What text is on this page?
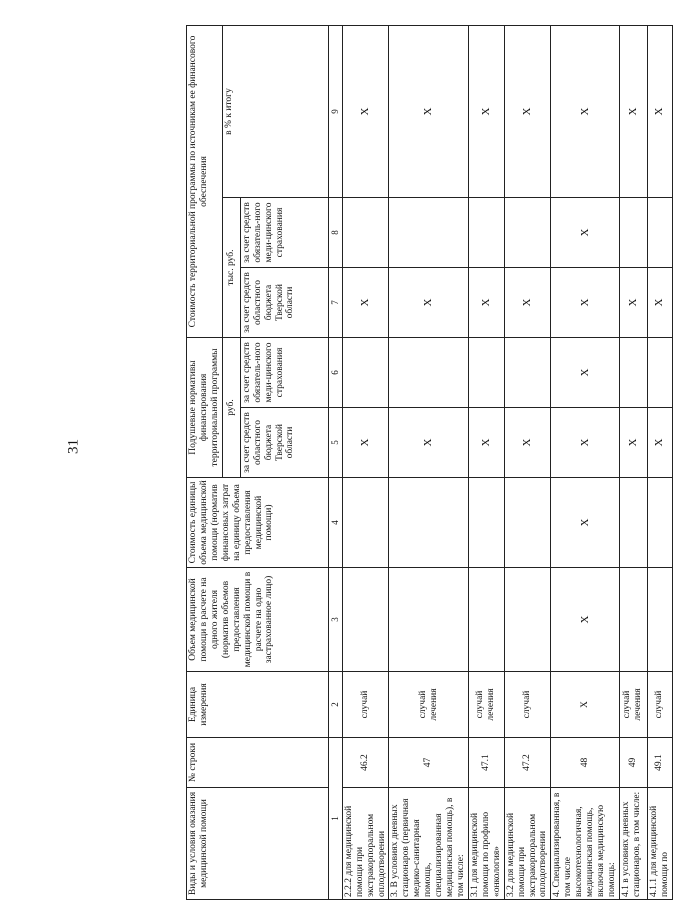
31
Виды и условия оказания медицинской помощи	№ строки	Единица измерения	Объем медицинской помощи в расчете на одного жителя (норматив объемов предоставления медицинской помощи в расчете на одно застрахованное лицо)	Стоимость единицы объема медицинской помощи (норматив финансовых затрат на единицу объема предоставления медицинской помощи)	Подушевые нормативы финансирования территориальной программы		Стоимость территориальной программы по источникам ее финансового обеспечения		
					руб.		тыс. руб.		в % к итогу
					за счет средств областного бюджета Тверской области	за счет средств обязатель-ного меди-цинского страхования	за счет средств областного бюджета Тверской области	за счет средств обязатель-ного меди-цинского страхования	
1		2	3	4	5	6	7	8	9
2.2.2 для медицинской помощи при экстракорпоральном оплодотворении	46.2	случай			X		X		X
3. В условиях дневных стационаров (первичная медико-санитарная помощь, специализированная медицинская помощь), в том числе:	47	случай лечения			X		X		X
3.1 для медицинской помощи по профилю «онкология»	47.1	случай лечения			X		X		X
3.2 для медицинской помощи при экстракорпоральном оплодотворении	47.2	случай			X		X		X
4. Специализированная, в том числе высокотехнологичная, медицинская помощь, включая медицинскую помощь:	48	X	X	X	X	X	X	X	X
4.1 в условиях дневных стационаров, в том числе:	49	случай лечения			X		X		X
4.1.1 для медицинской помощи по	49.1	случай			X		X		X
